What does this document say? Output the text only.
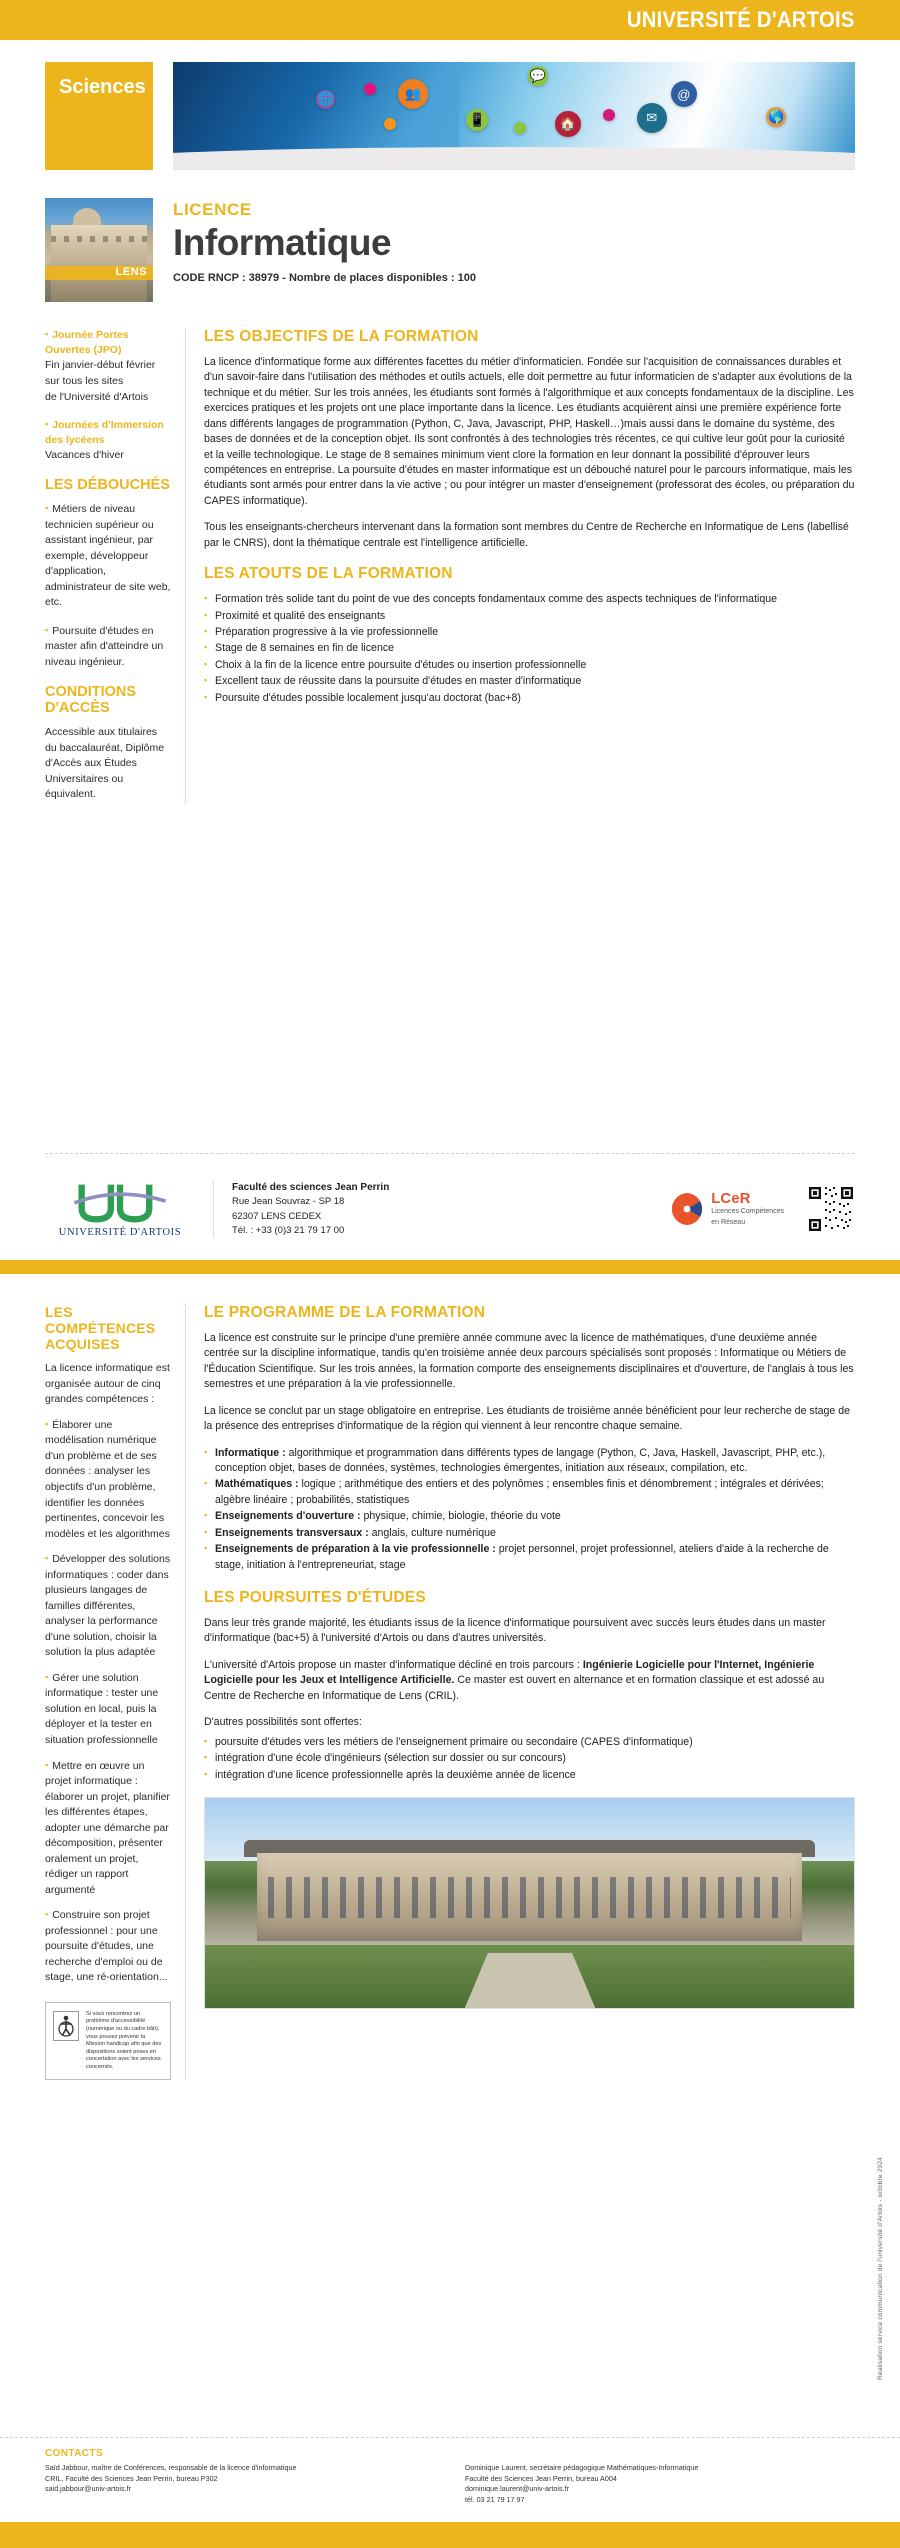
UNIVERSITÉ D'ARTOIS
Sciences	👥
💬
🌐	@
📱	🏠	✉	🌎
LENS
LICENCE
Informatique
CODE RNCP : 38979 - Nombre de places disponibles : 100
▪ Journée Portes Ouvertes (JPO)
Fin janvier-début février
sur tous les sites
de l'Université d'Artois
▪ Journées d'Immersion des lycéens
Vacances d'hiver
LES DÉBOUCHÉS
▪ Métiers de niveau technicien supérieur ou assistant ingénieur, par exemple, développeur d'application, administrateur de site web, etc.
▪ Poursuite d'études en master afin d'atteindre un niveau ingénieur.
CONDITIONS D'ACCÈS
Accessible aux titulaires du baccalauréat, Diplôme d'Accès aux Études Universitaires ou équivalent.
LES OBJECTIFS DE LA FORMATION
La licence d'informatique forme aux différentes facettes du métier d'informaticien. Fondée sur l'acquisition de connaissances durables et d'un savoir-faire dans l'utilisation des méthodes et outils actuels, elle doit permettre au futur informaticien de s'adapter aux évolutions de la technique et du métier. Sur les trois années, les étudiants sont formés à l'algorithmique et aux concepts fondamentaux de la discipline. Les exercices pratiques et les projets ont une place importante dans la licence. Les étudiants acquièrent ainsi une première expérience forte dans différents langages de programmation (Python, C, Java, Javascript, PHP, Haskell…)mais aussi dans le domaine du système, des bases de données et de la conception objet. Ils sont confrontés à des technologies très récentes, ce qui cultive leur goût pour la curiosité et la veille technologique. Le stage de 8 semaines minimum vient clore la formation en leur donnant la possibilité d'éprouver leurs compétences en entreprise. La poursuite d'études en master informatique est un débouché naturel pour le parcours informatique, mais les étudiants sont armés pour entrer dans la vie active ; ou pour intégrer un master d'enseignement (professorat des écoles, ou préparation du CAPES informatique).
Tous les enseignants-chercheurs intervenant dans la formation sont membres du Centre de Recherche en Informatique de Lens (labellisé par le CNRS), dont la thématique centrale est l'intelligence artificielle.
LES ATOUTS DE LA FORMATION
▪ Formation très solide tant du point de vue des concepts fondamentaux comme des aspects techniques de l'informatique
▪ Proximité et qualité des enseignants
▪ Préparation progressive à la vie professionnelle
▪ Stage de 8 semaines en fin de licence
▪ Choix à la fin de la licence entre poursuite d'études ou insertion professionnelle
▪ Excellent taux de réussite dans la poursuite d'études en master d'informatique
▪ Poursuite d'études possible localement jusqu'au doctorat (bac+8)
UNIVERSITÉ D'ARTOIS
Faculté des sciences Jean Perrin
Rue Jean Souvraz - SP 18
62307 LENS CEDEX
Tél. : +33 (0)3 21 79 17 00
LCeR
Licences Compétences
en Réseau
LES COMPÉTENCES ACQUISES
La licence informatique est organisée autour de cinq grandes compétences :
▪ Élaborer une modélisation numérique d'un problème et de ses données : analyser les objectifs d'un problème, identifier les données pertinentes, concevoir les modèles et les algorithmes
▪ Développer des solutions informatiques : coder dans plusieurs langages de familles différentes, analyser la performance d'une solution, choisir la solution la plus adaptée
▪ Gérer une solution informatique : tester une solution en local, puis la déployer et la tester en situation professionnelle
▪ Mettre en œuvre un projet informatique : élaborer un projet, planifier les différentes étapes, adopter une démarche par décomposition, présenter oralement un projet, rédiger un rapport argumenté
▪ Construire son projet professionnel : pour une poursuite d'études, une recherche d'emploi ou de stage, une ré-orientation...
Si vous rencontrez un problème d'accessibilité (numérique ou du cadre bâti), vous pouvez prévenir la Mission handicap afin que des dispositions soient prises en concertation avec les services concernés.
LE PROGRAMME DE LA FORMATION
La licence est construite sur le principe d'une première année commune avec la licence de mathématiques, d'une deuxième année centrée sur la discipline informatique, tandis qu'en troisième année deux parcours spécialisés sont proposés : Informatique ou Métiers de l'Éducation Scientifique. Sur les trois années, la formation comporte des enseignements disciplinaires et d'ouverture, de l'anglais à tous les semestres et une préparation à la vie professionnelle.
La licence se conclut par un stage obligatoire en entreprise. Les étudiants de troisième année bénéficient pour leur recherche de stage de la présence des entreprises d'informatique de la région qui viennent à leur rencontre chaque semaine.
▪ Informatique : algorithmique et programmation dans différents types de langage (Python, C, Java, Haskell, Javascript, PHP, etc.), conception objet, bases de données, systèmes, technologies émergentes, initiation aux réseaux, compilation, etc.
▪ Mathématiques : logique ; arithmétique des entiers et des polynômes ; ensembles finis et dénombrement ; intégrales et dérivées; algèbre linéaire ; probabilités, statistiques
▪ Enseignements d'ouverture : physique, chimie, biologie, théorie du vote
▪ Enseignements transversaux : anglais, culture numérique
▪ Enseignements de préparation à la vie professionnelle : projet personnel, projet professionnel, ateliers d'aide à la recherche de stage, initiation à l'entrepreneuriat, stage
LES POURSUITES D'ÉTUDES
Dans leur très grande majorité, les étudiants issus de la licence d'informatique poursuivent avec succès leurs études dans un master d'informatique (bac+5) à l'université d'Artois ou dans d'autres universités.
L'université d'Artois propose un master d'informatique décliné en trois parcours : Ingénierie Logicielle pour l'Internet, Ingénierie Logicielle pour les Jeux et Intelligence Artificielle. Ce master est ouvert en alternance et en formation classique et est adossé au Centre de Recherche en Informatique de Lens (CRIL).
D'autres possibilités sont offertes:
▪ poursuite d'études vers les métiers de l'enseignement primaire ou secondaire (CAPES d'informatique)
▪ intégration d'une école d'ingénieurs (sélection sur dossier ou sur concours)
▪ intégration d'une licence professionnelle après la deuxième année de licence
Réalisation service communication de l'université d'Artois - octobre 2024
CONTACTS
Saïd Jabbour, maître de Conférences, responsable de la licence d'informatique
CRIL, Faculté des Sciences Jean Perrin, bureau P302
said.jabbour@univ-artois.fr
Dominique Laurent, secrétaire pédagogique Mathématiques-Informatique
Faculté des Sciences Jean Perrin, bureau A004
dominique.laurent@univ-artois.fr
tél. 03 21 79 17 97
